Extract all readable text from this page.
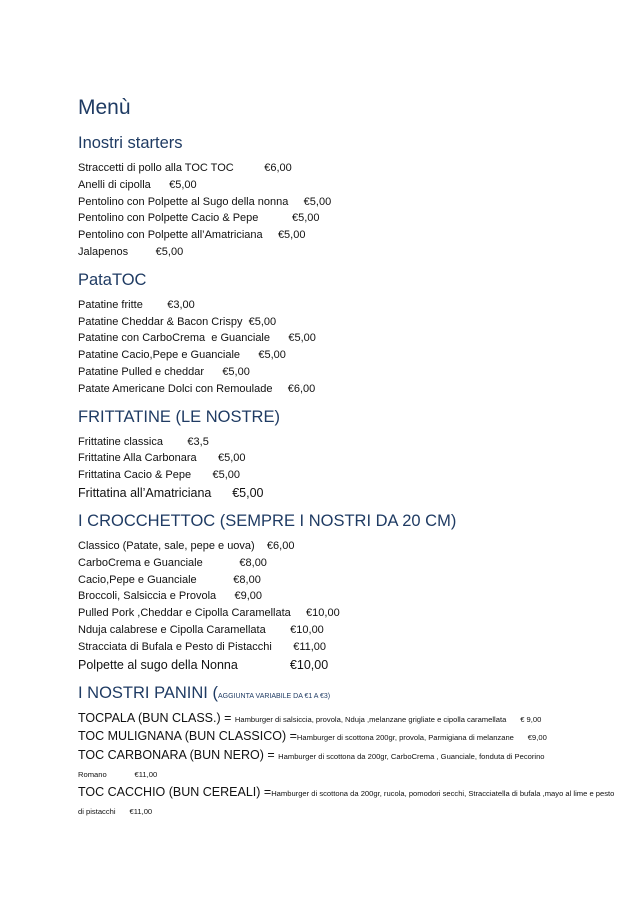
Menù
Inostri starters
Straccetti di pollo alla TOC TOC          €6,00
Anelli di cipolla      €5,00
Pentolino con Polpette al Sugo della nonna     €5,00
Pentolino con Polpette Cacio & Pepe           €5,00
Pentolino con Polpette all’Amatriciana     €5,00
Jalapenos         €5,00
PataTOC
Patatine fritte        €3,00
Patatine Cheddar & Bacon Crispy  €5,00
Patatine con CarboCrema  e Guanciale      €5,00
Patatine Cacio,Pepe e Guanciale      €5,00
Patatine Pulled e cheddar      €5,00
Patate Americane Dolci con Remoulade     €6,00
FRITTATINE (LE NOSTRE)
Frittatine classica        €3,5
Frittatine Alla Carbonara       €5,00
Frittatina Cacio & Pepe       €5,00
Frittatina all’Amatriciana      €5,00
I CROCCHETTOC (SEMPRE I NOSTRI DA 20 CM)
Classico (Patate, sale, pepe e uova)    €6,00
CarboCrema e Guanciale            €8,00
Cacio,Pepe e Guanciale            €8,00
Broccoli, Salsiccia e Provola      €9,00
Pulled Pork ,Cheddar e Cipolla Caramellata     €10,00
Nduja calabrese e Cipolla Caramellata        €10,00
Stracciata di Bufala e Pesto di Pistacchi       €11,00
Polpette al sugo della Nonna               €10,00
I NOSTRI PANINI (AGGIUNTA VARIABILE DA €1 A €3)
TOCPALA (BUN CLASS.) = Hamburger di salsiccia, provola, Nduja ,melanzane grigliate e cipolla caramellata € 9,00
TOC MULIGNANA (BUN CLASSICO) =Hamburger di scottona 200gr, provola, Parmigiana di melanzane €9,00
TOC CARBONARA (BUN NERO) = Hamburger di scottona da 200gr, CarboCrema , Guanciale, fonduta di Pecorino Romano	€11,00
TOC CACCHIO (BUN CEREALI) =Hamburger di scottona da 200gr, rucola, pomodori secchi, Stracciatella di bufala ,mayo al lime e pesto di pistacchi €11,00
